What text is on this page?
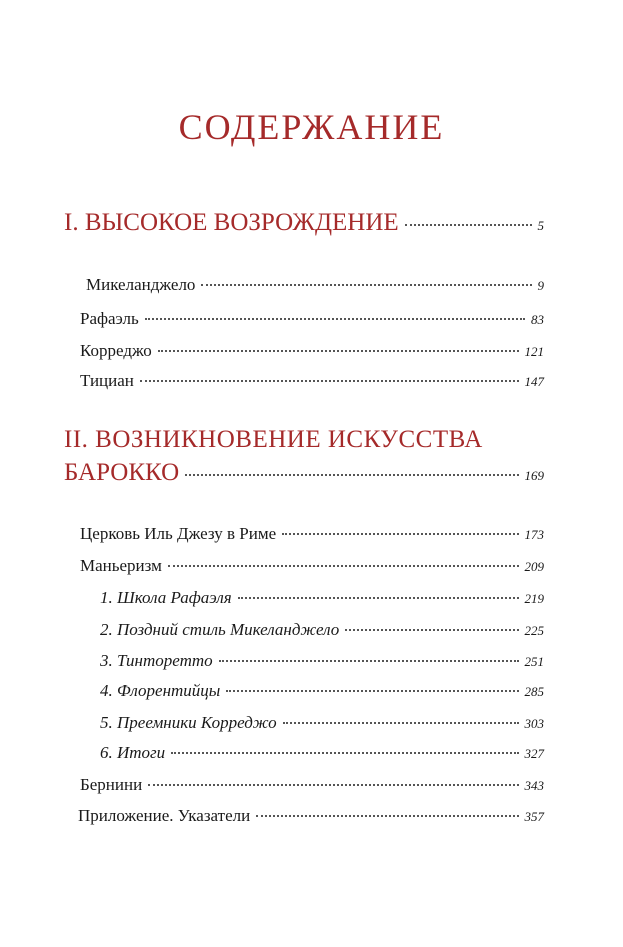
СОДЕРЖАНИЕ
I. ВЫСОКОЕ ВОЗРОЖДЕНИЕ	5
Микеланджело	9
Рафаэль	83
Корреджо	121
Тициан	147
II. ВОЗНИКНОВЕНИЕ ИСКУССТВА
БАРОККО	169
Церковь Иль Джезу в Риме	173
Маньеризм	209
1. Школа Рафаэля	219
2. Поздний стиль Микеланджело	225
3. Тинторетто	251
4. Флорентийцы	285
5. Преемники Корреджо	303
6. Итоги	327
Бернини	343
Приложение. Указатели	357
